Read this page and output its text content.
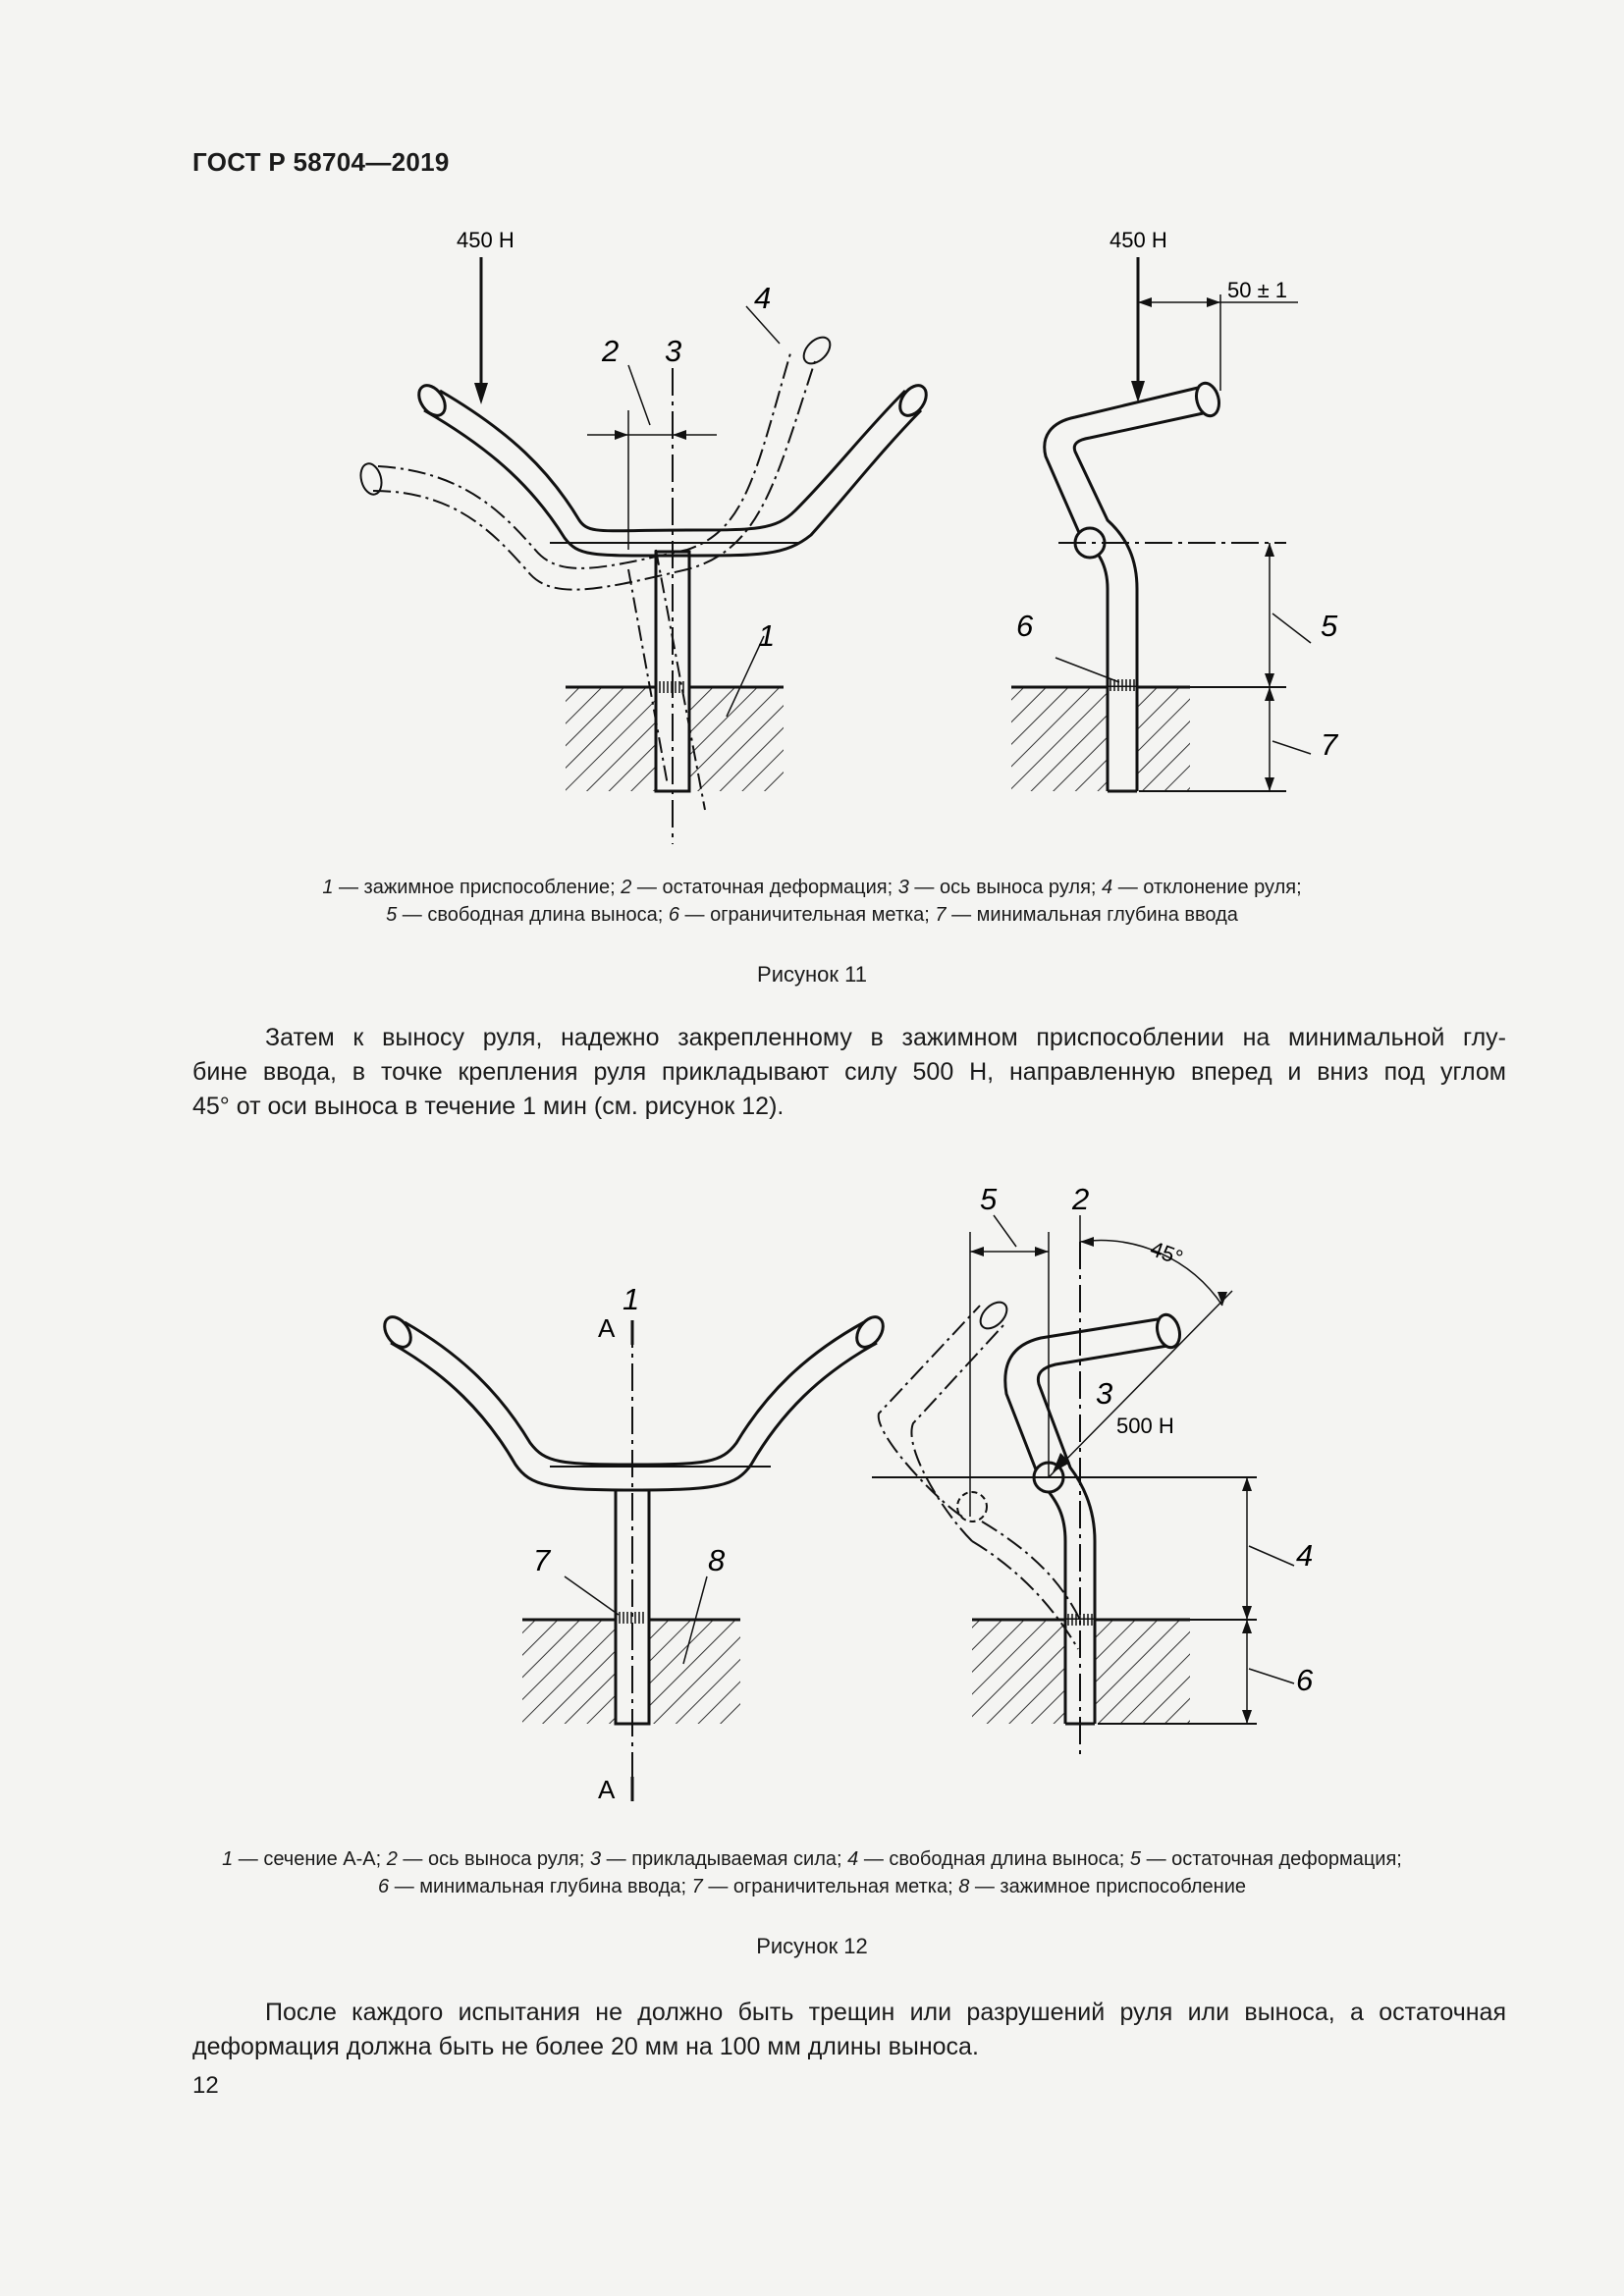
ГОСТ Р 58704—2019
450 Н	450 Н
50 ± 1
1
2 3
4
5
6
7
1 — зажимное приспособление; 2 — остаточная деформация; 3 — ось выноса руля; 4 — отклонение руля;
5 — свободная длина выноса; 6 — ограничительная метка; 7 — минимальная глубина ввода
Рисунок 11
Затем к выносу руля, надежно закрепленному в зажимном приспособлении на минимальной глу-
бине ввода, в точке крепления руля прикладывают силу 500 Н, направленную вперед и вниз под углом
45° от оси выноса в течение 1 мин (см. рисунок 12).
1
А
А
7	8
5 2
45°
3
500 Н
4
6
1 — сечение А-А; 2 — ось выноса руля; 3 — прикладываемая сила; 4 — свободная длина выноса; 5 — остаточная деформация;
6 — минимальная глубина ввода; 7 — ограничительная метка; 8 — зажимное приспособление
Рисунок 12
После каждого испытания не должно быть трещин или разрушений руля или выноса, а остаточная
деформация должна быть не более 20 мм на 100 мм длины выноса.
12
